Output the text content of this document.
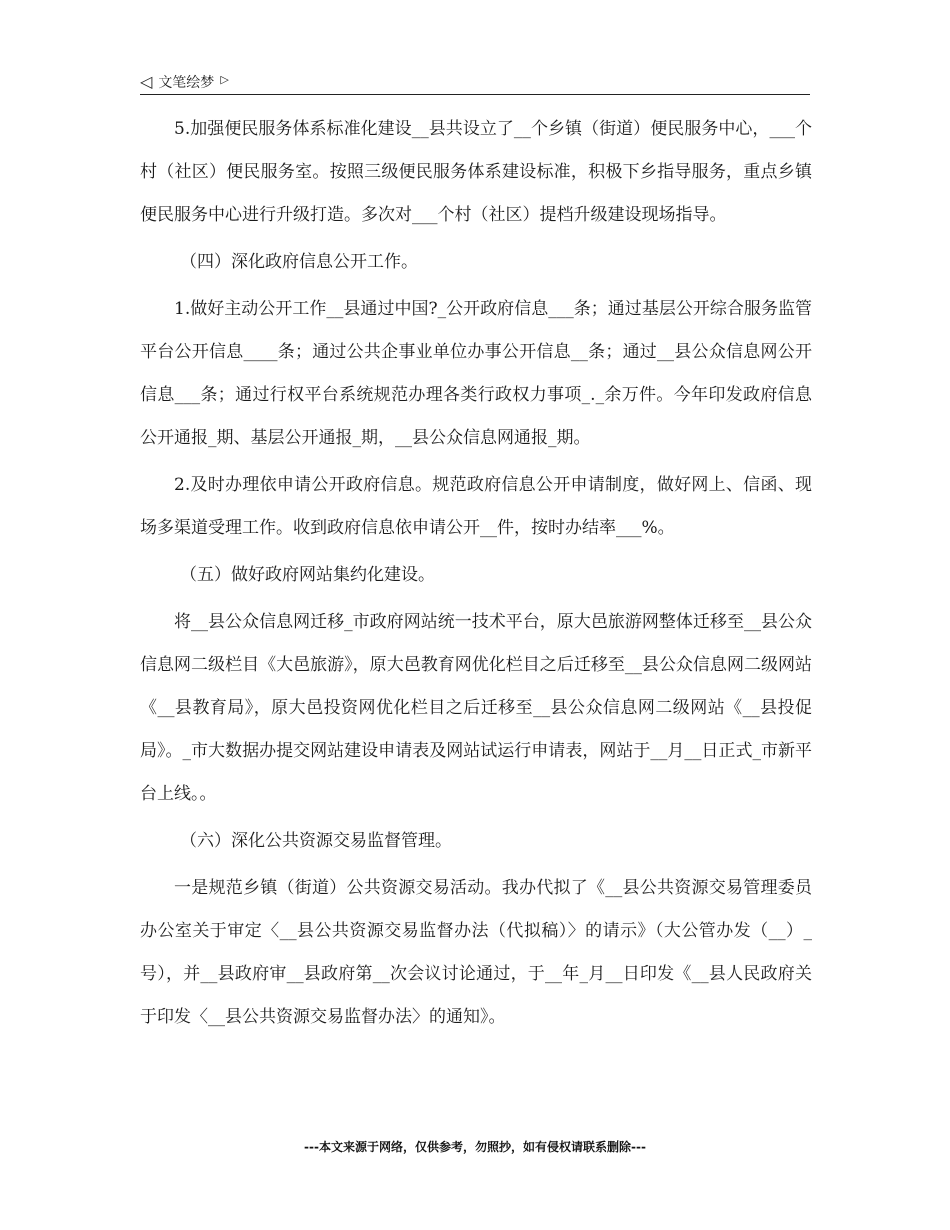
◁ 文笔绘梦 ▷

5.加强便民服务体系标准化建设__县共设立了__个乡镇（街道）便民服务中心，___个村（社区）便民服务室。按照三级便民服务体系建设标准，积极下乡指导服务，重点乡镇便民服务中心进行升级打造。多次对___个村（社区）提档升级建设现场指导。

（四）深化政府信息公开工作。

1.做好主动公开工作__县通过中国?_公开政府信息___条；通过基层公开综合服务监管平台公开信息____条；通过公共企事业单位办事公开信息__条；通过__县公众信息网公开信息___条；通过行权平台系统规范办理各类行政权力事项_._余万件。今年印发政府信息公开通报_期、基层公开通报_期，__县公众信息网通报_期。

2.及时办理依申请公开政府信息。规范政府信息公开申请制度，做好网上、信函、现场多渠道受理工作。收到政府信息依申请公开__件，按时办结率___%。

（五）做好政府网站集约化建设。

将__县公众信息网迁移_市政府网站统一技术平台，原大邑旅游网整体迁移至__县公众信息网二级栏目《大邑旅游》，原大邑教育网优化栏目之后迁移至__县公众信息网二级网站《__县教育局》，原大邑投资网优化栏目之后迁移至__县公众信息网二级网站《__县投促局》。_市大数据办提交网站建设申请表及网站试运行申请表，网站于__月__日正式_市新平台上线。。

（六）深化公共资源交易监督管理。

一是规范乡镇（街道）公共资源交易活动。我办代拟了《__县公共资源交易管理委员办公室关于审定〈__县公共资源交易监督办法（代拟稿）〉的请示》（大公管办发（__）_号），并__县政府审__县政府第__次会议讨论通过，于__年_月__日印发《__县人民政府关于印发〈__县公共资源交易监督办法〉的通知》。

---本文来源于网络，仅供参考，勿照抄，如有侵权请联系删除---
